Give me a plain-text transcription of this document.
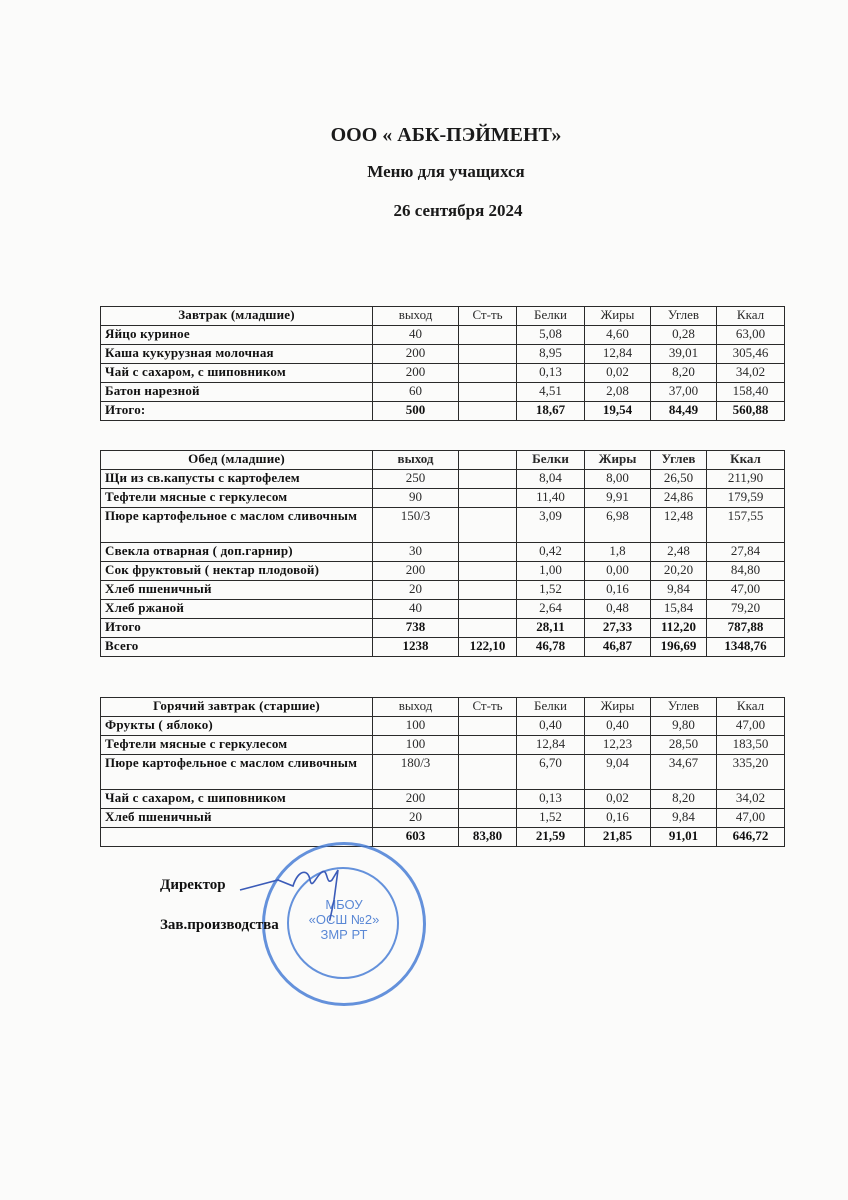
ООО « АБК-ПЭЙМЕНТ»
Меню для учащихся
26 сентября 2024
Завтрак (младшие)	выход	Ст-ть	Белки	Жиры	Углев	Ккал
Яйцо куриное	40		5,08	4,60	0,28	63,00
Каша кукурузная молочная	200		8,95	12,84	39,01	305,46
Чай с сахаром, с шиповником	200		0,13	0,02	8,20	34,02
Батон нарезной	60		4,51	2,08	37,00	158,40
Итого:	500		18,67	19,54	84,49	560,88
Обед (младшие)	выход		Белки	Жиры	Углев	Ккал
Щи из св.капусты с картофелем	250		8,04	8,00	26,50	211,90
Тефтели мясные с геркулесом	90		11,40	9,91	24,86	179,59
Пюре картофельное с маслом сливочным	150/3		3,09	6,98	12,48	157,55
Свекла отварная ( доп.гарнир)	30		0,42	1,8	2,48	27,84
Сок фруктовый ( нектар плодовой)	200		1,00	0,00	20,20	84,80
Хлеб пшеничный	20		1,52	0,16	9,84	47,00
Хлеб ржаной	40		2,64	0,48	15,84	79,20
Итого	738		28,11	27,33	112,20	787,88
Всего	1238	122,10	46,78	46,87	196,69	1348,76
Горячий завтрак (старшие)	выход	Ст-ть	Белки	Жиры	Углев	Ккал
Фрукты ( яблоко)	100		0,40	0,40	9,80	47,00
Тефтели мясные с геркулесом	100		12,84	12,23	28,50	183,50
Пюре картофельное с маслом сливочным	180/3		6,70	9,04	34,67	335,20
Чай с сахаром, с шиповником	200		0,13	0,02	8,20	34,02
Хлеб пшеничный	20		1,52	0,16	9,84	47,00
	603	83,80	21,59	21,85	91,01	646,72
МБОУ
«ОСШ №2»
ЗМР РТ
Директор
Зав.производства
